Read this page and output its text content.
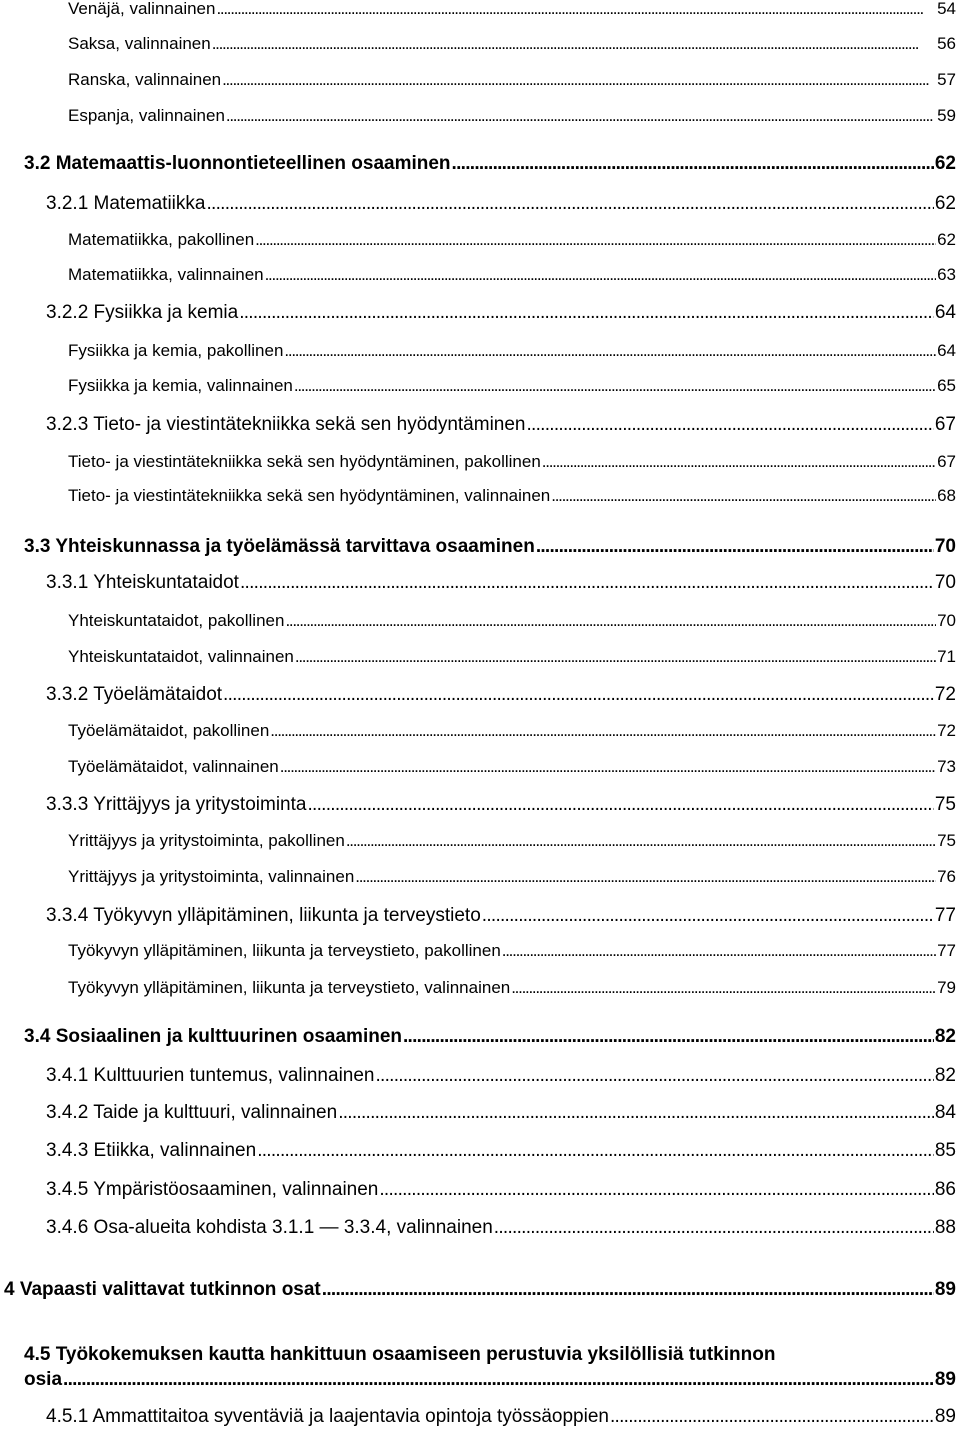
Venäjä, valinnainen . . .	54
Saksa, valinnainen . . .	56
Ranska, valinnainen . . .	57
Espanja, valinnainen . . .	59
3.2 Matemaattis-luonnontieteellinen osaaminen . . .	62
3.2.1 Matematiikka . . .	62
Matematiikka, pakollinen . . .	62
Matematiikka, valinnainen . . .	63
3.2.2 Fysiikka ja kemia . . .	64
Fysiikka ja kemia, pakollinen . . .	64
Fysiikka ja kemia, valinnainen . . .	65
3.2.3 Tieto- ja viestintätekniikka sekä sen hyödyntäminen . . .	67
Tieto- ja viestintätekniikka sekä sen hyödyntäminen, pakollinen . . .	67
Tieto- ja viestintätekniikka sekä sen hyödyntäminen, valinnainen . . .	68
3.3 Yhteiskunnassa ja työelämässä tarvittava osaaminen . . .	70
3.3.1 Yhteiskuntataidot . . .	70
Yhteiskuntataidot, pakollinen . . .	70
Yhteiskuntataidot, valinnainen . . .	71
3.3.2 Työelämätaidot . . .	72
Työelämätaidot, pakollinen . . .	72
Työelämätaidot, valinnainen . . .	73
3.3.3 Yrittäjyys ja yritystoiminta . . .	75
Yrittäjyys ja yritystoiminta, pakollinen . . .	75
Yrittäjyys ja yritystoiminta, valinnainen . . .	76
3.3.4 Työkyvyn ylläpitäminen, liikunta ja terveystieto . . .	77
Työkyvyn ylläpitäminen, liikunta ja terveystieto, pakollinen . . .	77
Työkyvyn ylläpitäminen, liikunta ja terveystieto, valinnainen . . .	79
3.4 Sosiaalinen ja kulttuurinen osaaminen . . .	82
3.4.1 Kulttuurien tuntemus, valinnainen . . .	82
3.4.2 Taide ja kulttuuri, valinnainen . . .	84
3.4.3 Etiikka, valinnainen . . .	85
3.4.5 Ympäristöosaaminen, valinnainen . . .	86
3.4.6 Osa-alueita kohdista 3.1.1 — 3.3.4, valinnainen . . .	88
4 Vapaasti valittavat tutkinnon osat . . .	89
4.5 Työkokemuksen kautta hankittuun osaamiseen perustuvia yksilöllisiä tutkinnon
osia . . .	89
4.5.1 Ammattitaitoa syventäviä ja laajentavia opintoja työssäoppien . . .	89
